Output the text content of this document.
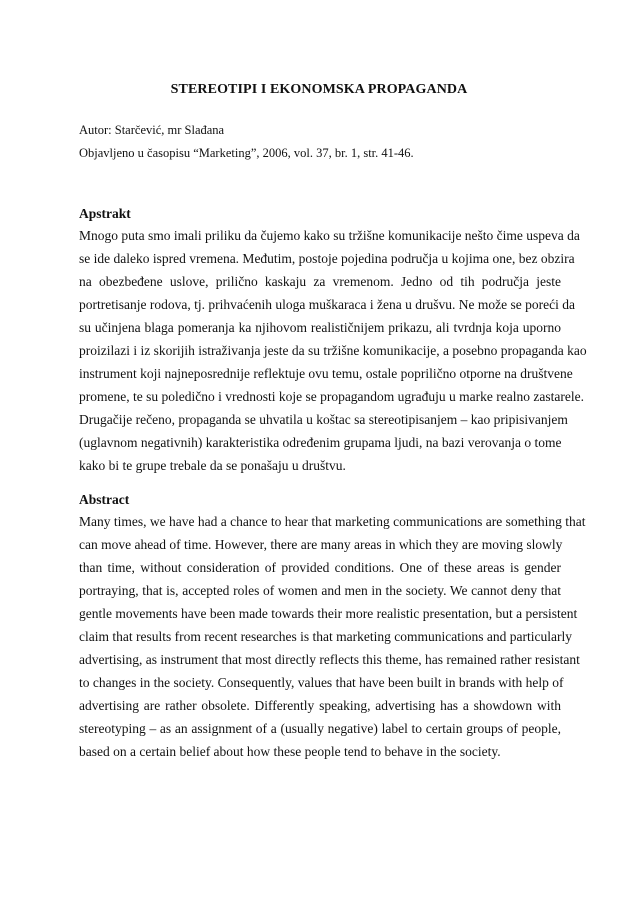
STEREOTIPI I EKONOMSKA PROPAGANDA
Autor: Starčević, mr Slađana
Objavljeno u časopisu “Marketing”, 2006, vol. 37, br. 1, str. 41-46.
Apstrakt

Mnogo puta smo imali priliku da čujemo kako su tržišne komunikacije nešto čime uspeva da
se ide daleko ispred vremena. Međutim, postoje pojedina područja u kojima one, bez obzira
na obezbeđene uslove, prilično kaskaju za vremenom. Jedno od tih područja jeste
portretisanje rodova, tj. prihvaćenih uloga muškaraca i žena u drušvu. Ne može se poreći da
su učinjena blaga pomeranja ka njihovom realističnijem prikazu, ali tvrdnja koja uporno
proizilazi i iz skorijih istraživanja jeste da su tržišne komunikacije, a posebno propaganda kao
instrument koji najneposrednije reflektuje ovu temu, ostale popriličnо otporne na društvene
promene, te su poledično i vrednosti koje se propagandom ugrađuju u marke realno zastarele.
Drugačije rečeno, propaganda se uhvatila u koštac sa stereotipisanjem – kao pripisivanjem
(uglavnom negativnih) karakteristika određenim grupama ljudi, na bazi verovanja o tome
kako bi te grupe trebale da se ponašaju u društvu.

Abstract

Many times, we have had a chance to hear that marketing communications are something that
can move ahead of time. However, there are many areas in which they are moving slowly
than time, without consideration of provided conditions. One of these areas is gender
portraying, that is, accepted roles of women and men in the society. We cannot deny that
gentle movements have been made towards their more realistic presentation, but a persistent
claim that results from recent researches is that marketing communications and particularly
advertising, as instrument that most directly reflects this theme, has remained rather resistant
to changes in the society. Consequently, values that have been built in brands with help of
advertising are rather obsolete. Differently speaking, advertising has a showdown with
stereotyping – as an assignment of a (usually negative) label to certain groups of people,
based on a certain belief about how these people tend to behave in the society.
